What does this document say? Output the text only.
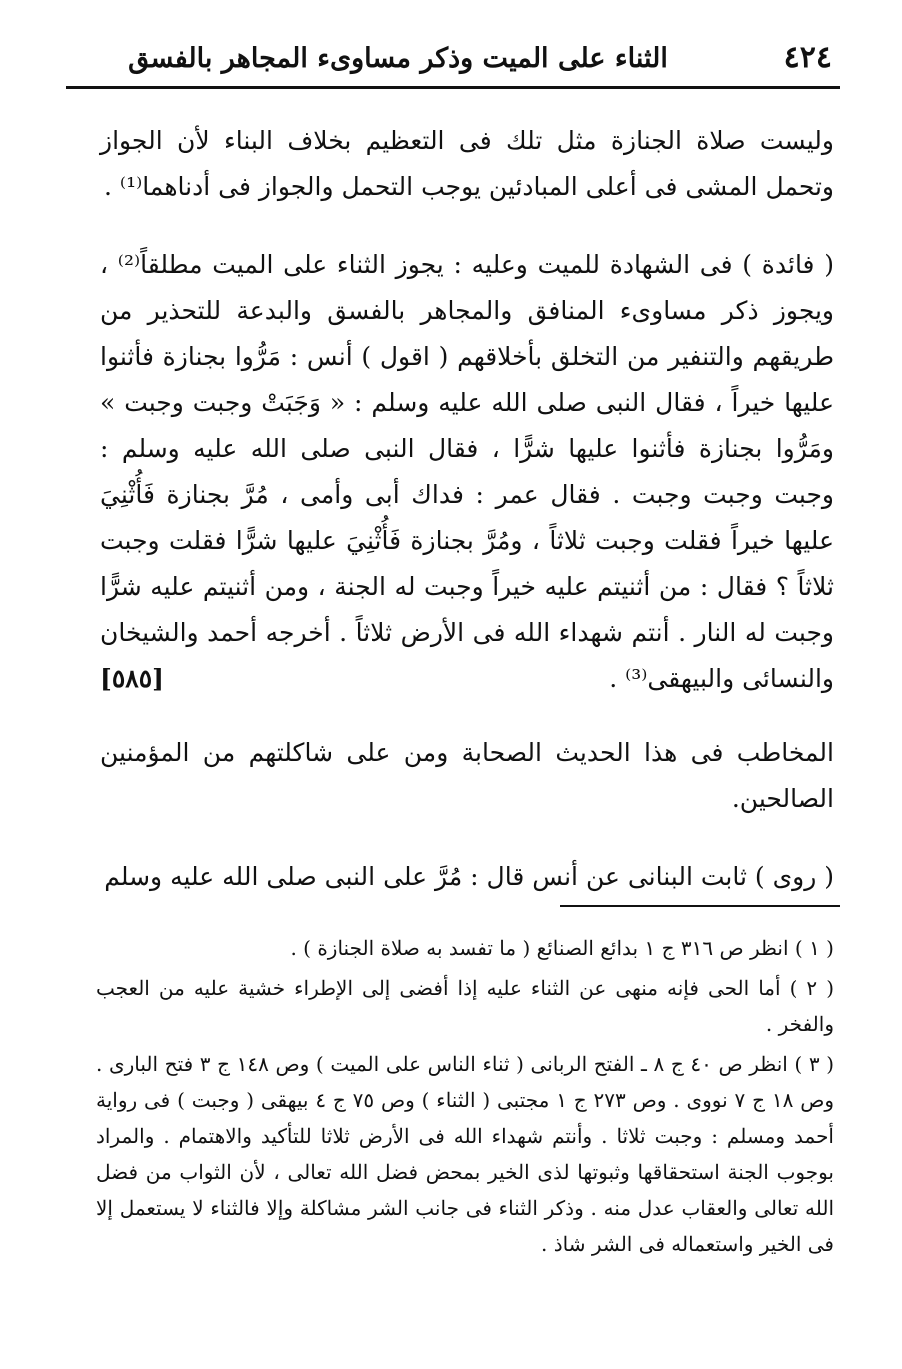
٤٢٤
الثناء على الميت وذكر مساوىء المجاهر بالفسق

وليست صلاة الجنازة مثل تلك فى التعظيم بخلاف البناء لأن الجواز وتحمل المشى فى أعلى المبادئين يوجب التحمل والجواز فى أدناهما⁽¹⁾ .

( فائدة ) فى الشهادة للميت وعليه : يجوز الثناء على الميت مطلقاً⁽²⁾ ، ويجوز ذكر مساوىء المنافق والمجاهر بالفسق والبدعة للتحذير من طريقهم والتنفير من التخلق بأخلاقهم ( اقول ) أنس : مَرُّوا بجنازة فأثنوا عليها خيراً ، فقال النبى صلى الله عليه وسلم : « وَجَبَتْ وجبت وجبت » ومَرُّوا بجنازة فأثنوا عليها شرًّا ، فقال النبى صلى الله عليه وسلم : وجبت وجبت وجبت . فقال عمر : فداك أبى وأمى ، مُرَّ بجنازة فَأُثْنِيَ عليها خيراً فقلت وجبت ثلاثاً ، ومُرَّ بجنازة فَأُثْنِيَ عليها شرًّا فقلت وجبت ثلاثاً ؟ فقال : من أثنيتم عليه خيراً وجبت له الجنة ، ومن أثنيتم عليه شرًّا وجبت له النار . أنتم شهداء الله فى الأرض ثلاثاً . أخرجه أحمد والشيخان والنسائى والبيهقى⁽³⁾ .
[٥٨٥]

المخاطب فى هذا الحديث الصحابة ومن على شاكلتهم من المؤمنين الصالحين.

( روى ) ثابت البنانى عن أنس قال : مُرَّ على النبى صلى الله عليه وسلم

( ١ ) انظر ص ٣١٦ ج ١ بدائع الصنائع ( ما تفسد به صلاة الجنازة ) .

( ٢ ) أما الحى فإنه منهى عن الثناء عليه إذا أفضى إلى الإطراء خشية عليه من العجب والفخر .

( ٣ ) انظر ص ٤٠ ج ٨ ـ الفتح الربانى ( ثناء الناس على الميت ) وص ١٤٨ ج ٣ فتح البارى . وص ١٨ ج ٧ نووى . وص ٢٧٣ ج ١ مجتبى ( الثناء ) وص ٧٥ ج ٤ بيهقى ( وجبت ) فى رواية أحمد ومسلم : وجبت ثلاثا . وأنتم شهداء الله فى الأرض ثلاثا للتأكيد والاهتمام . والمراد بوجوب الجنة استحقاقها وثبوتها لذى الخير بمحض فضل الله تعالى ، لأن الثواب من فضل الله تعالى والعقاب عدل منه . وذكر الثناء فى جانب الشر مشاكلة وإلا فالثناء لا يستعمل إلا فى الخير واستعماله فى الشر شاذ .
